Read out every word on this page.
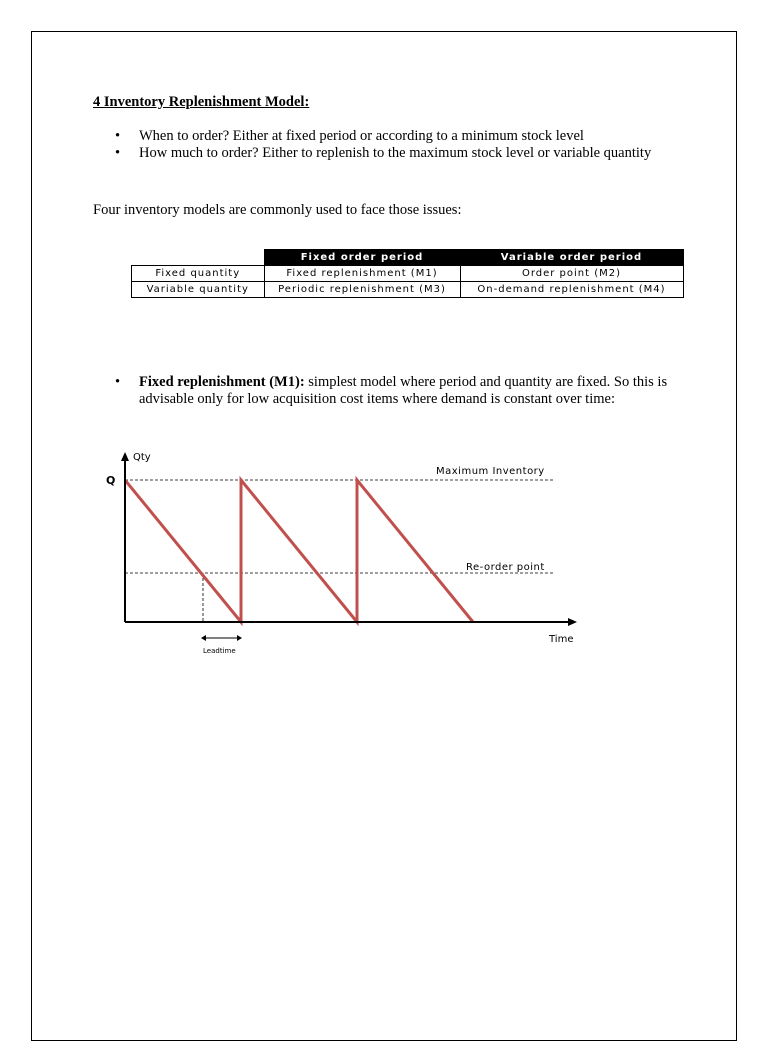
4 Inventory Replenishment Model:
• When to order? Either at fixed period or according to a minimum stock level
• How much to order? Either to replenish to the maximum stock level or variable quantity
Four inventory models are commonly used to face those issues:
	Fixed order period	Variable order period
Fixed quantity	Fixed replenishment (M1)	Order point (M2)
Variable quantity	Periodic replenishment (M3)	On-demand replenishment (M4)
• Fixed replenishment (M1): simplest model where period and quantity are fixed. So this is advisable only for low acquisition cost items where demand is constant over time:
Qty
Q
Maximum Inventory
Re-order point
Time
Leadtime
